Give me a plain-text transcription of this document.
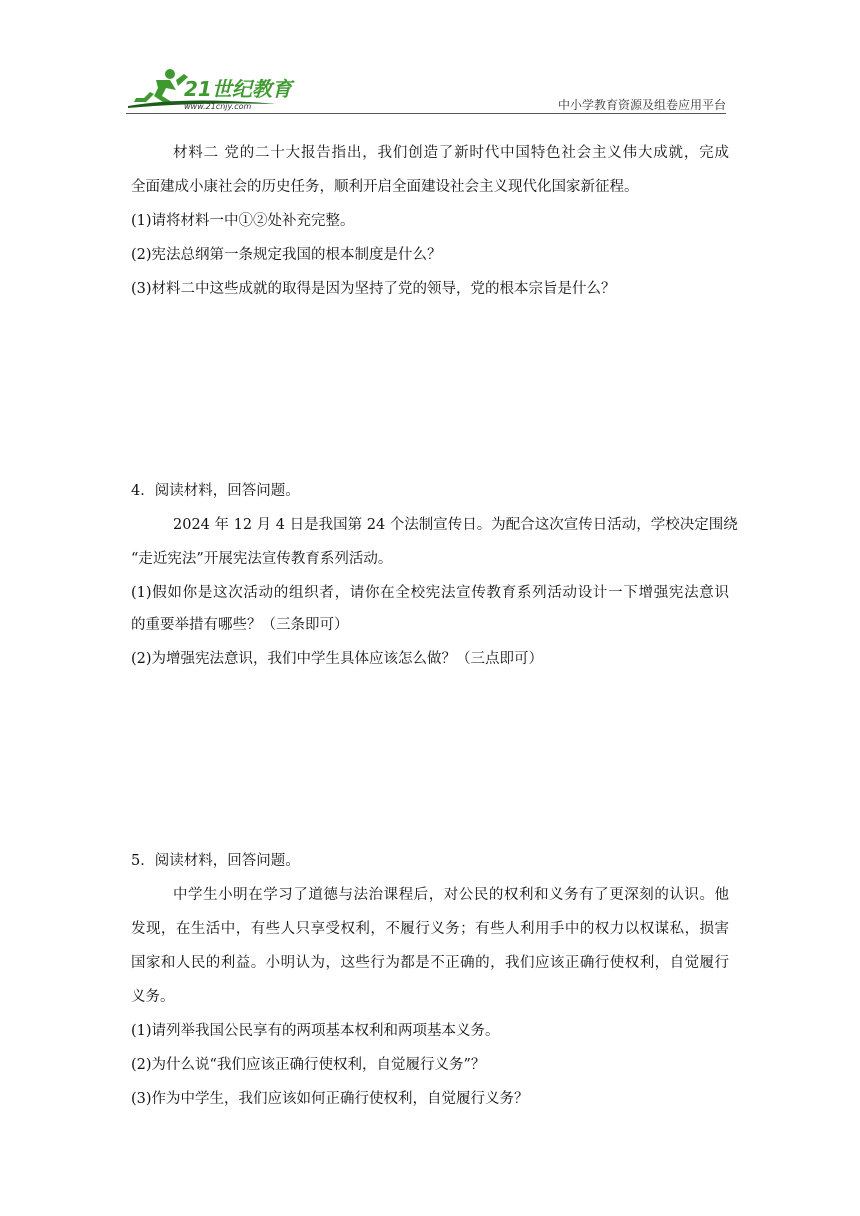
21世纪教育
www.21cnjy.com	中小学教育资源及组卷应用平台
材料二 党的二十大报告指出，我们创造了新时代中国特色社会主义伟大成就，完成
全面建成小康社会的历史任务，顺利开启全面建设社会主义现代化国家新征程。
(1)请将材料一中①②处补充完整。
(2)宪法总纲第一条规定我国的根本制度是什么？
(3)材料二中这些成就的取得是因为坚持了党的领导，党的根本宗旨是什么？
4．阅读材料，回答问题。
2024 年 12 月 4 日是我国第 24 个法制宣传日。为配合这次宣传日活动，学校决定围绕
“走近宪法”开展宪法宣传教育系列活动。
(1)假如你是这次活动的组织者，请你在全校宪法宣传教育系列活动设计一下增强宪法意识
的重要举措有哪些？（三条即可）
(2)为增强宪法意识，我们中学生具体应该怎么做？（三点即可）
5．阅读材料，回答问题。
中学生小明在学习了道德与法治课程后，对公民的权利和义务有了更深刻的认识。他
发现，在生活中，有些人只享受权利，不履行义务；有些人利用手中的权力以权谋私，损害
国家和人民的利益。小明认为，这些行为都是不正确的，我们应该正确行使权利，自觉履行
义务。
(1)请列举我国公民享有的两项基本权利和两项基本义务。
(2)为什么说“我们应该正确行使权利，自觉履行义务”？
(3)作为中学生，我们应该如何正确行使权利，自觉履行义务？
